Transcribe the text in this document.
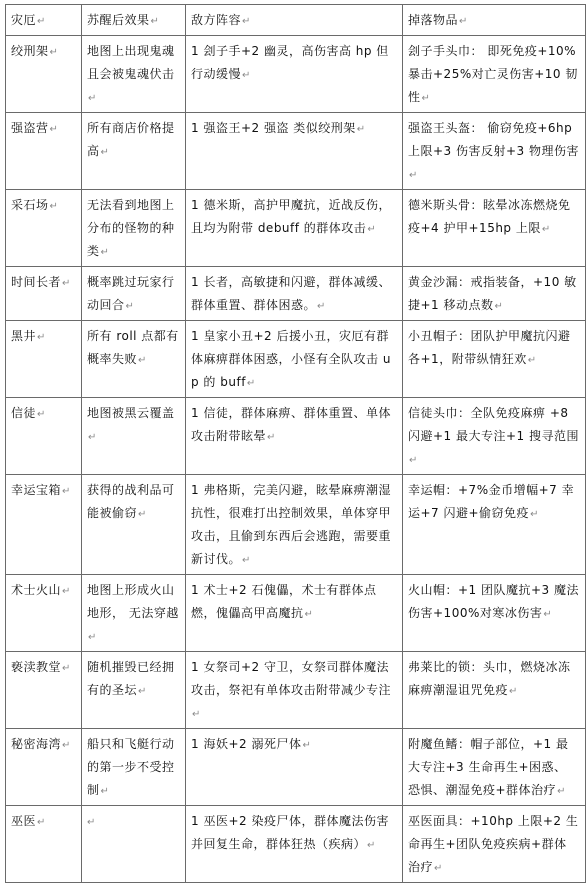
灾厄↵	苏醒后效果↵	敌方阵容↵	掉落物品↵
绞刑架↵	地图上出现鬼魂且会被鬼魂伏击↵	1 刽子手+2 幽灵，高伤害高 hp 但行动缓慢↵	刽子手头巾： 即死免疫+10%暴击+25%对亡灵伤害+10 韧性↵
强盗营↵	所有商店价格提高↵	1 强盗王+2 强盗 类似绞刑架↵	强盗王头盔： 偷窃免疫+6hp 上限+3 伤害反射+3 物理伤害↵
采石场↵	无法看到地图上分布的怪物的种类↵	1 德米斯，高护甲魔抗，近战反伤，且均为附带 debuff 的群体攻击↵	德米斯头骨：眩晕冰冻燃烧免疫+4 护甲+15hp 上限↵
时间长者↵	概率跳过玩家行动回合↵	1 长者，高敏捷和闪避，群体减缓、群体重置、群体困惑。↵	黄金沙漏：戒指装备，+10 敏捷+1 移动点数↵
黑井↵	所有 roll 点都有概率失败↵	1 皇家小丑+2 后援小丑，灾厄有群体麻痹群体困惑，小怪有全队攻击 up 的 buff↵	小丑帽子：团队护甲魔抗闪避各+1，附带纵情狂欢↵
信徒↵	地图被黑云覆盖↵	1 信徒，群体麻痹、群体重置、单体攻击附带眩晕↵	信徒头巾：全队免疫麻痹 +8 闪避+1 最大专注+1 搜寻范围↵
幸运宝箱↵	获得的战利品可能被偷窃↵	1 弗格斯，完美闪避，眩晕麻痹潮湿抗性，很难打出控制效果，单体穿甲攻击，且偷到东西后会逃跑，需要重新讨伐。↵	幸运帽：+7%金币增幅+7 幸运+7 闪避+偷窃免疫↵
术士火山↵	地图上形成火山地形， 无法穿越↵	1 术士+2 石傀儡，术士有群体点燃，傀儡高甲高魔抗↵	火山帽：+1 团队魔抗+3 魔法伤害+100%对寒冰伤害↵
亵渎教堂↵	随机摧毁已经拥有的圣坛↵	1 女祭司+2 守卫，女祭司群体魔法攻击，祭祀有单体攻击附带减少专注↵	弗莱比的锁：头巾，燃烧冰冻麻痹潮湿诅咒免疫↵
秘密海湾↵	船只和飞艇行动的第一步不受控制↵	1 海妖+2 溺死尸体↵	附魔鱼鳍：帽子部位，+1 最大专注+3 生命再生+困惑、恐惧、潮湿免疫+群体治疗↵
巫医↵	↵	1 巫医+2 染疫尸体，群体魔法伤害并回复生命，群体狂热（疾病）↵	巫医面具：+10hp 上限+2 生命再生+团队免疫疾病+群体治疗↵
